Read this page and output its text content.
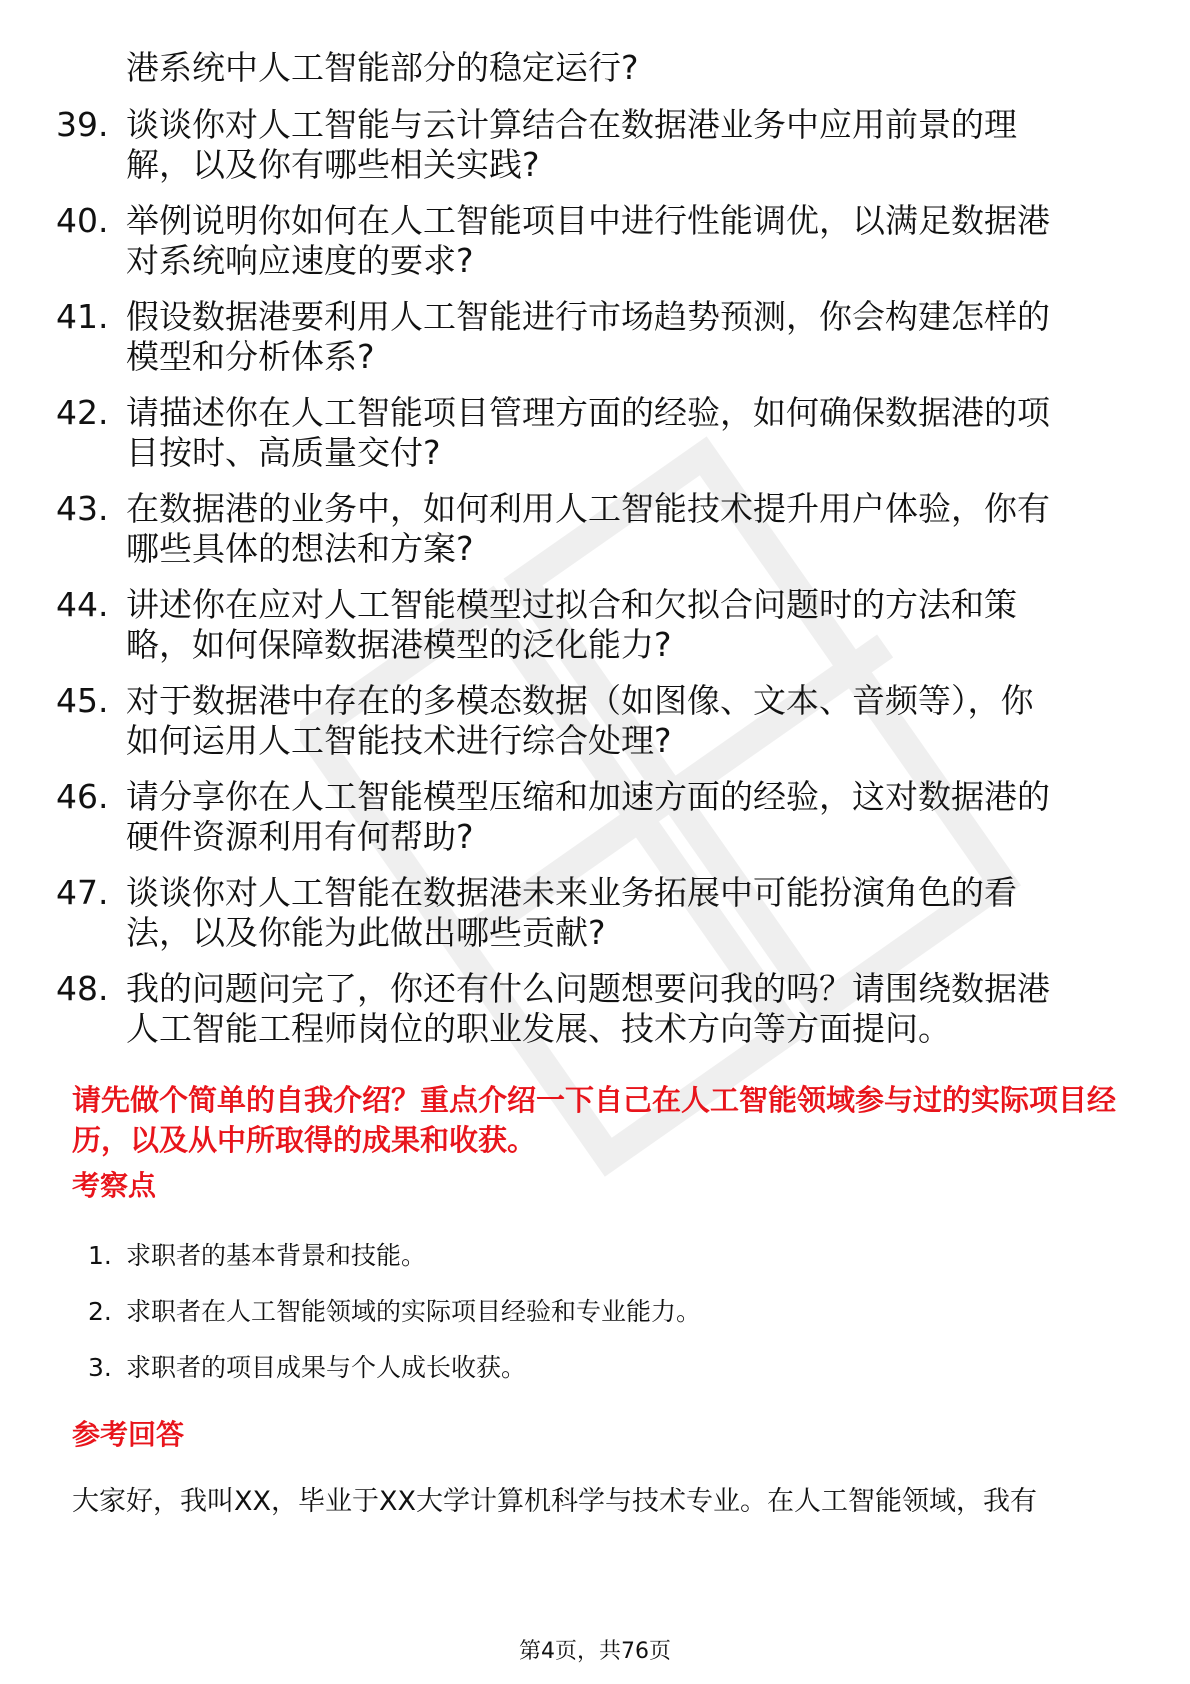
港系统中人工智能部分的稳定运行?
39. 谈谈你对人工智能与云计算结合在数据港业务中应用前景的理
解，以及你有哪些相关实践?
40. 举例说明你如何在人工智能项目中进行性能调优，以满足数据港
对系统响应速度的要求?
41. 假设数据港要利用人工智能进行市场趋势预测，你会构建怎样的
模型和分析体系?
42. 请描述你在人工智能项目管理方面的经验，如何确保数据港的项
目按时、高质量交付?
43. 在数据港的业务中，如何利用人工智能技术提升用户体验，你有
哪些具体的想法和方案?
44. 讲述你在应对人工智能模型过拟合和欠拟合问题时的方法和策
略，如何保障数据港模型的泛化能力?
45. 对于数据港中存在的多模态数据（如图像、文本、音频等），你
如何运用人工智能技术进行综合处理?
46. 请分享你在人工智能模型压缩和加速方面的经验，这对数据港的
硬件资源利用有何帮助?
47. 谈谈你对人工智能在数据港未来业务拓展中可能扮演角色的看
法，以及你能为此做出哪些贡献?
48. 我的问题问完了，你还有什么问题想要问我的吗？请围绕数据港
人工智能工程师岗位的职业发展、技术方向等方面提问。
请先做个简单的自我介绍？重点介绍一下自己在人工智能领域参与过的实际项目经
历，以及从中所取得的成果和收获。
考察点
1. 求职者的基本背景和技能。
2. 求职者在人工智能领域的实际项目经验和专业能力。
3. 求职者的项目成果与个人成长收获。
参考回答
大家好，我叫XX，毕业于XX大学计算机科学与技术专业。在人工智能领域，我有
第4页，共76页
